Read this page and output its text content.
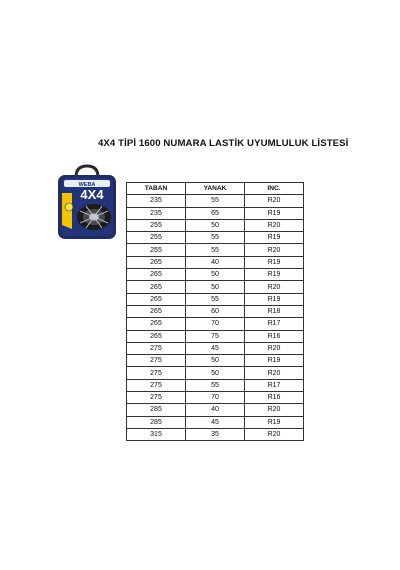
4X4 TİPİ 1600 NUMARA LASTİK UYUMLULUK LİSTESİ
WEBA
4X4	TABAN	YANAK	INC.
235	55	R20
235	65	R19
255	50	R20
255	55	R19
255	55	R20
265	40	R19
265	50	R19
265	50	R20
265	55	R19
265	60	R18
265	70	R17
265	75	R16
275	45	R20
275	50	R19
275	50	R20
275	55	R17
275	70	R16
285	40	R20
285	45	R19
315	35	R20
